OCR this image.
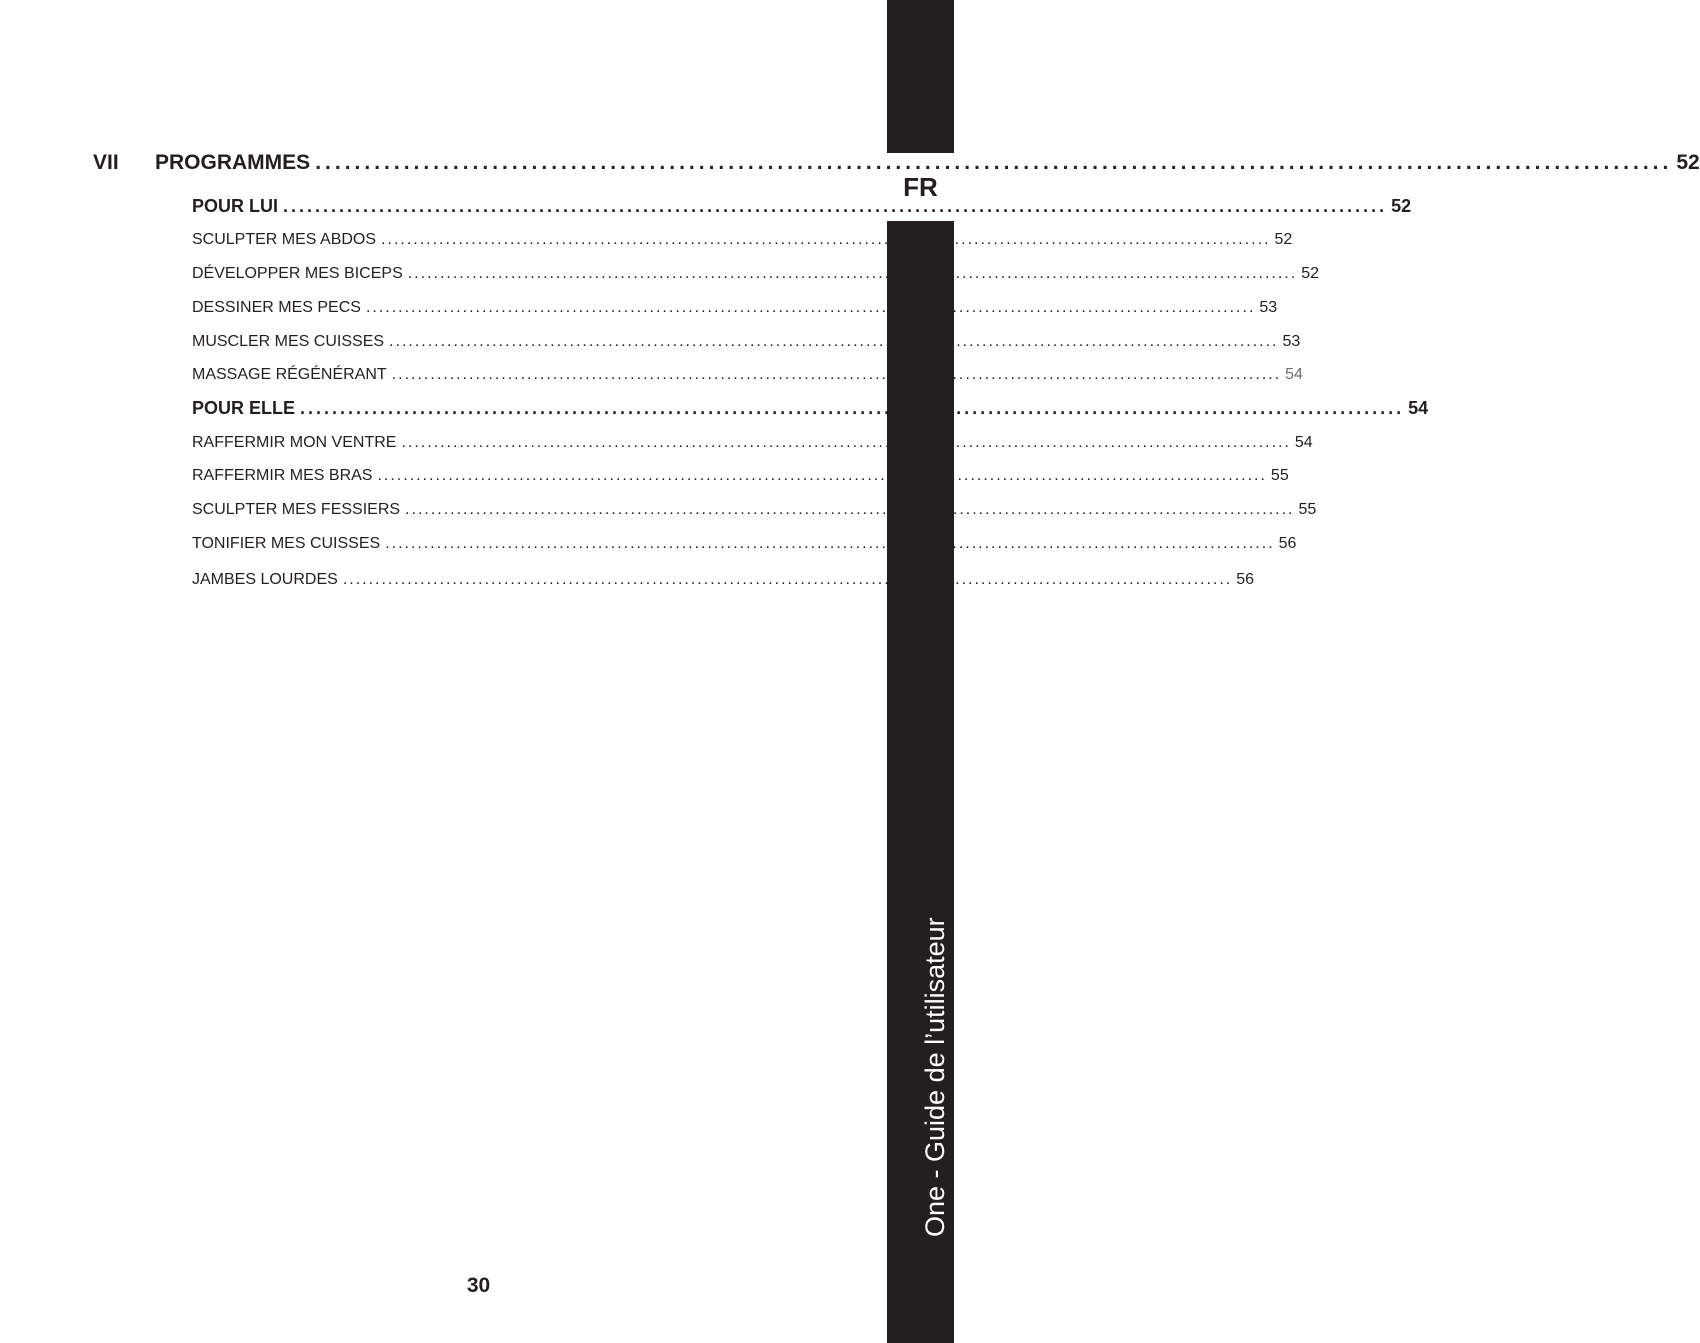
FR
One - Guide de l’utilisateur
VII	PROGRAMMES .......................................................................................................................................... 52
POUR LUI .......................................................................................................................................... 52
SCULPTER MES ABDOS .......................................................................................................................................... 52
DÉVELOPPER MES BICEPS .......................................................................................................................................... 52
DESSINER MES PECS .......................................................................................................................................... 53
MUSCLER MES CUISSES .......................................................................................................................................... 53
MASSAGE RÉGÉNÉRANT .......................................................................................................................................... 54
POUR ELLE .......................................................................................................................................... 54
RAFFERMIR MON VENTRE .......................................................................................................................................... 54
RAFFERMIR MES BRAS .......................................................................................................................................... 55
SCULPTER MES FESSIERS .......................................................................................................................................... 55
TONIFIER MES CUISSES .......................................................................................................................................... 56
JAMBES LOURDES .......................................................................................................................................... 56
30
